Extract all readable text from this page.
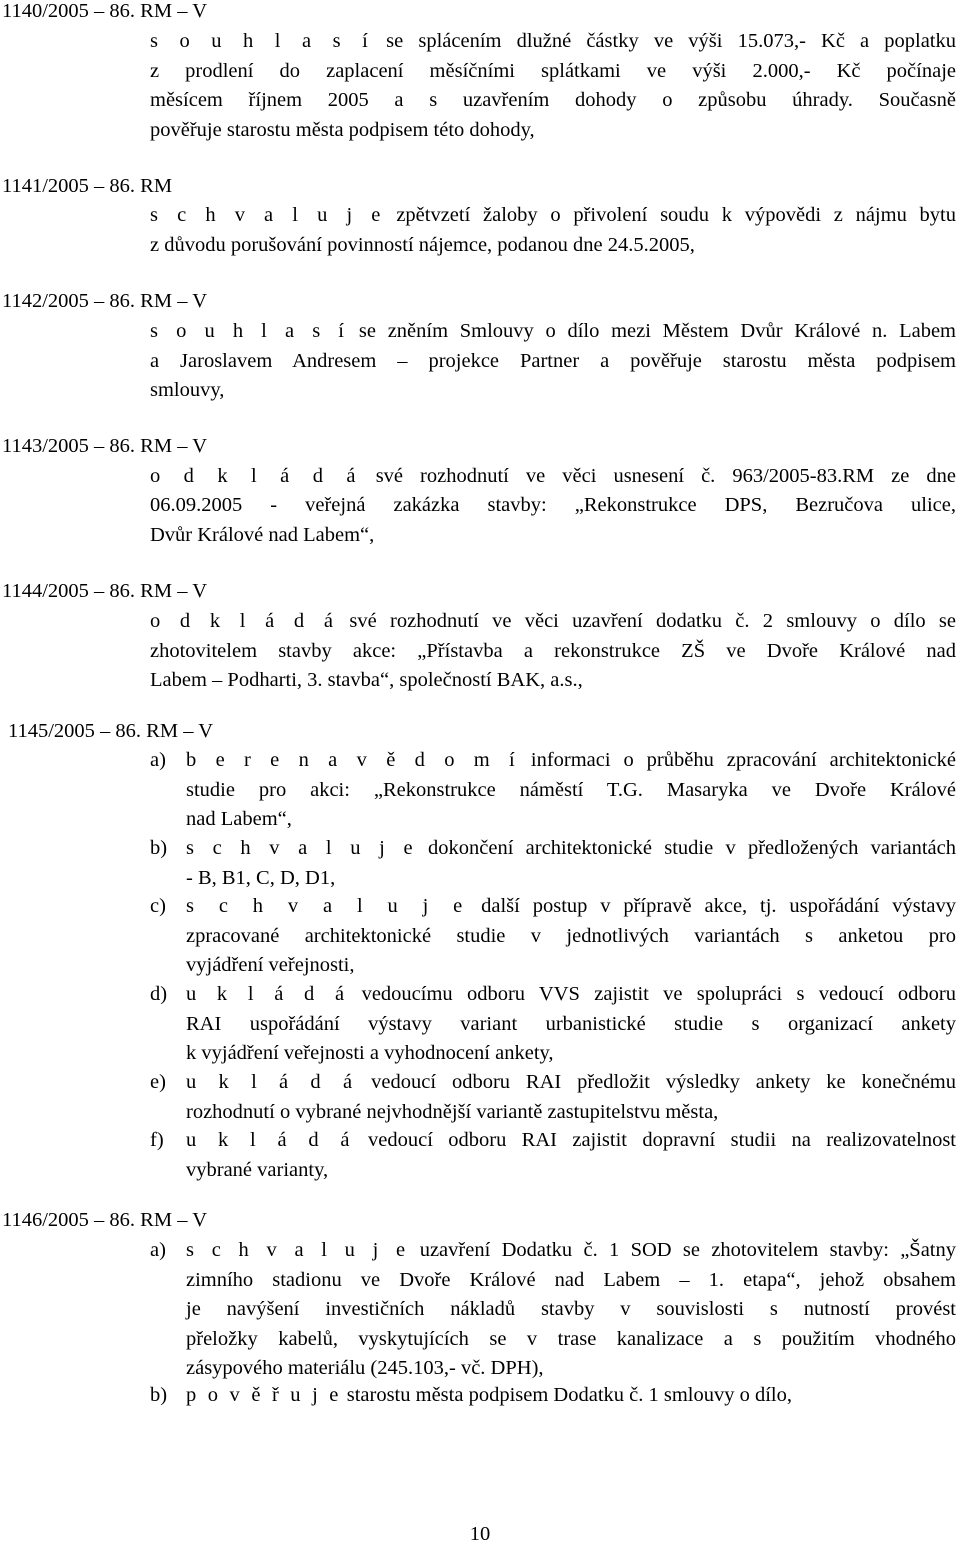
1140/2005 – 86. RM – V
s o u h l a s í se splácením dlužné částky ve výši 15.073,- Kč a poplatku
z prodlení do zaplacení měsíčními splátkami ve výši 2.000,- Kč počínaje
měsícem říjnem 2005 a s uzavřením dohody o způsobu úhrady. Současně
pověřuje starostu města podpisem této dohody,
1141/2005 – 86. RM
s c h v a l u j e zpětvzetí žaloby o přivolení soudu k výpovědi z nájmu bytu
z důvodu porušování povinností nájemce, podanou dne 24.5.2005,
1142/2005 – 86. RM – V
s o u h l a s í se zněním Smlouvy o dílo mezi Městem Dvůr Králové n. Labem
a Jaroslavem Andresem – projekce Partner a pověřuje starostu města podpisem
smlouvy,
1143/2005 – 86. RM – V
o d k l á d á své rozhodnutí ve věci usnesení č. 963/2005-83.RM ze dne
06.09.2005 - veřejná zakázka stavby: „Rekonstrukce DPS, Bezručova ulice,
Dvůr Králové nad Labem“,
1144/2005 – 86. RM – V
o d k l á d á své rozhodnutí ve věci uzavření dodatku č. 2 smlouvy o dílo se
zhotovitelem stavby akce: „Přístavba a rekonstrukce ZŠ ve Dvoře Králové nad
Labem – Podharti, 3. stavba“, společností BAK, a.s.,
1145/2005 – 86. RM – V
a) b e r e n a v ě d o m í informaci o průběhu zpracování architektonické
studie pro akci: „Rekonstrukce náměstí T.G. Masaryka ve Dvoře Králové
nad Labem“,
b) s c h v a l u j e dokončení architektonické studie v předložených variantách
- B, B1, C, D, D1,
c) s c h v a l u j e další postup v přípravě akce, tj. uspořádání výstavy
zpracované architektonické studie v jednotlivých variantách s anketou pro
vyjádření veřejnosti,
d) u k l á d á vedoucímu odboru VVS zajistit ve spolupráci s vedoucí odboru
RAI uspořádání výstavy variant urbanistické studie s organizací ankety
k vyjádření veřejnosti a vyhodnocení ankety,
e) u k l á d á vedoucí odboru RAI předložit výsledky ankety ke konečnému
rozhodnutí o vybrané nejvhodnější variantě zastupitelstvu města,
f) u k l á d á vedoucí odboru RAI zajistit dopravní studii na realizovatelnost
vybrané varianty,
1146/2005 – 86. RM – V
a) s c h v a l u j e uzavření Dodatku č. 1 SOD se zhotovitelem stavby: „Šatny
zimního stadionu ve Dvoře Králové nad Labem – 1. etapa“, jehož obsahem
je navýšení investičních nákladů stavby v souvislosti s nutností provést
přeložky kabelů, vyskytujících se v trase kanalizace a s použitím vhodného
zásypového materiálu (245.103,- vč. DPH),
b) p o v ě ř u j e starostu města podpisem Dodatku č. 1 smlouvy o dílo,
10
